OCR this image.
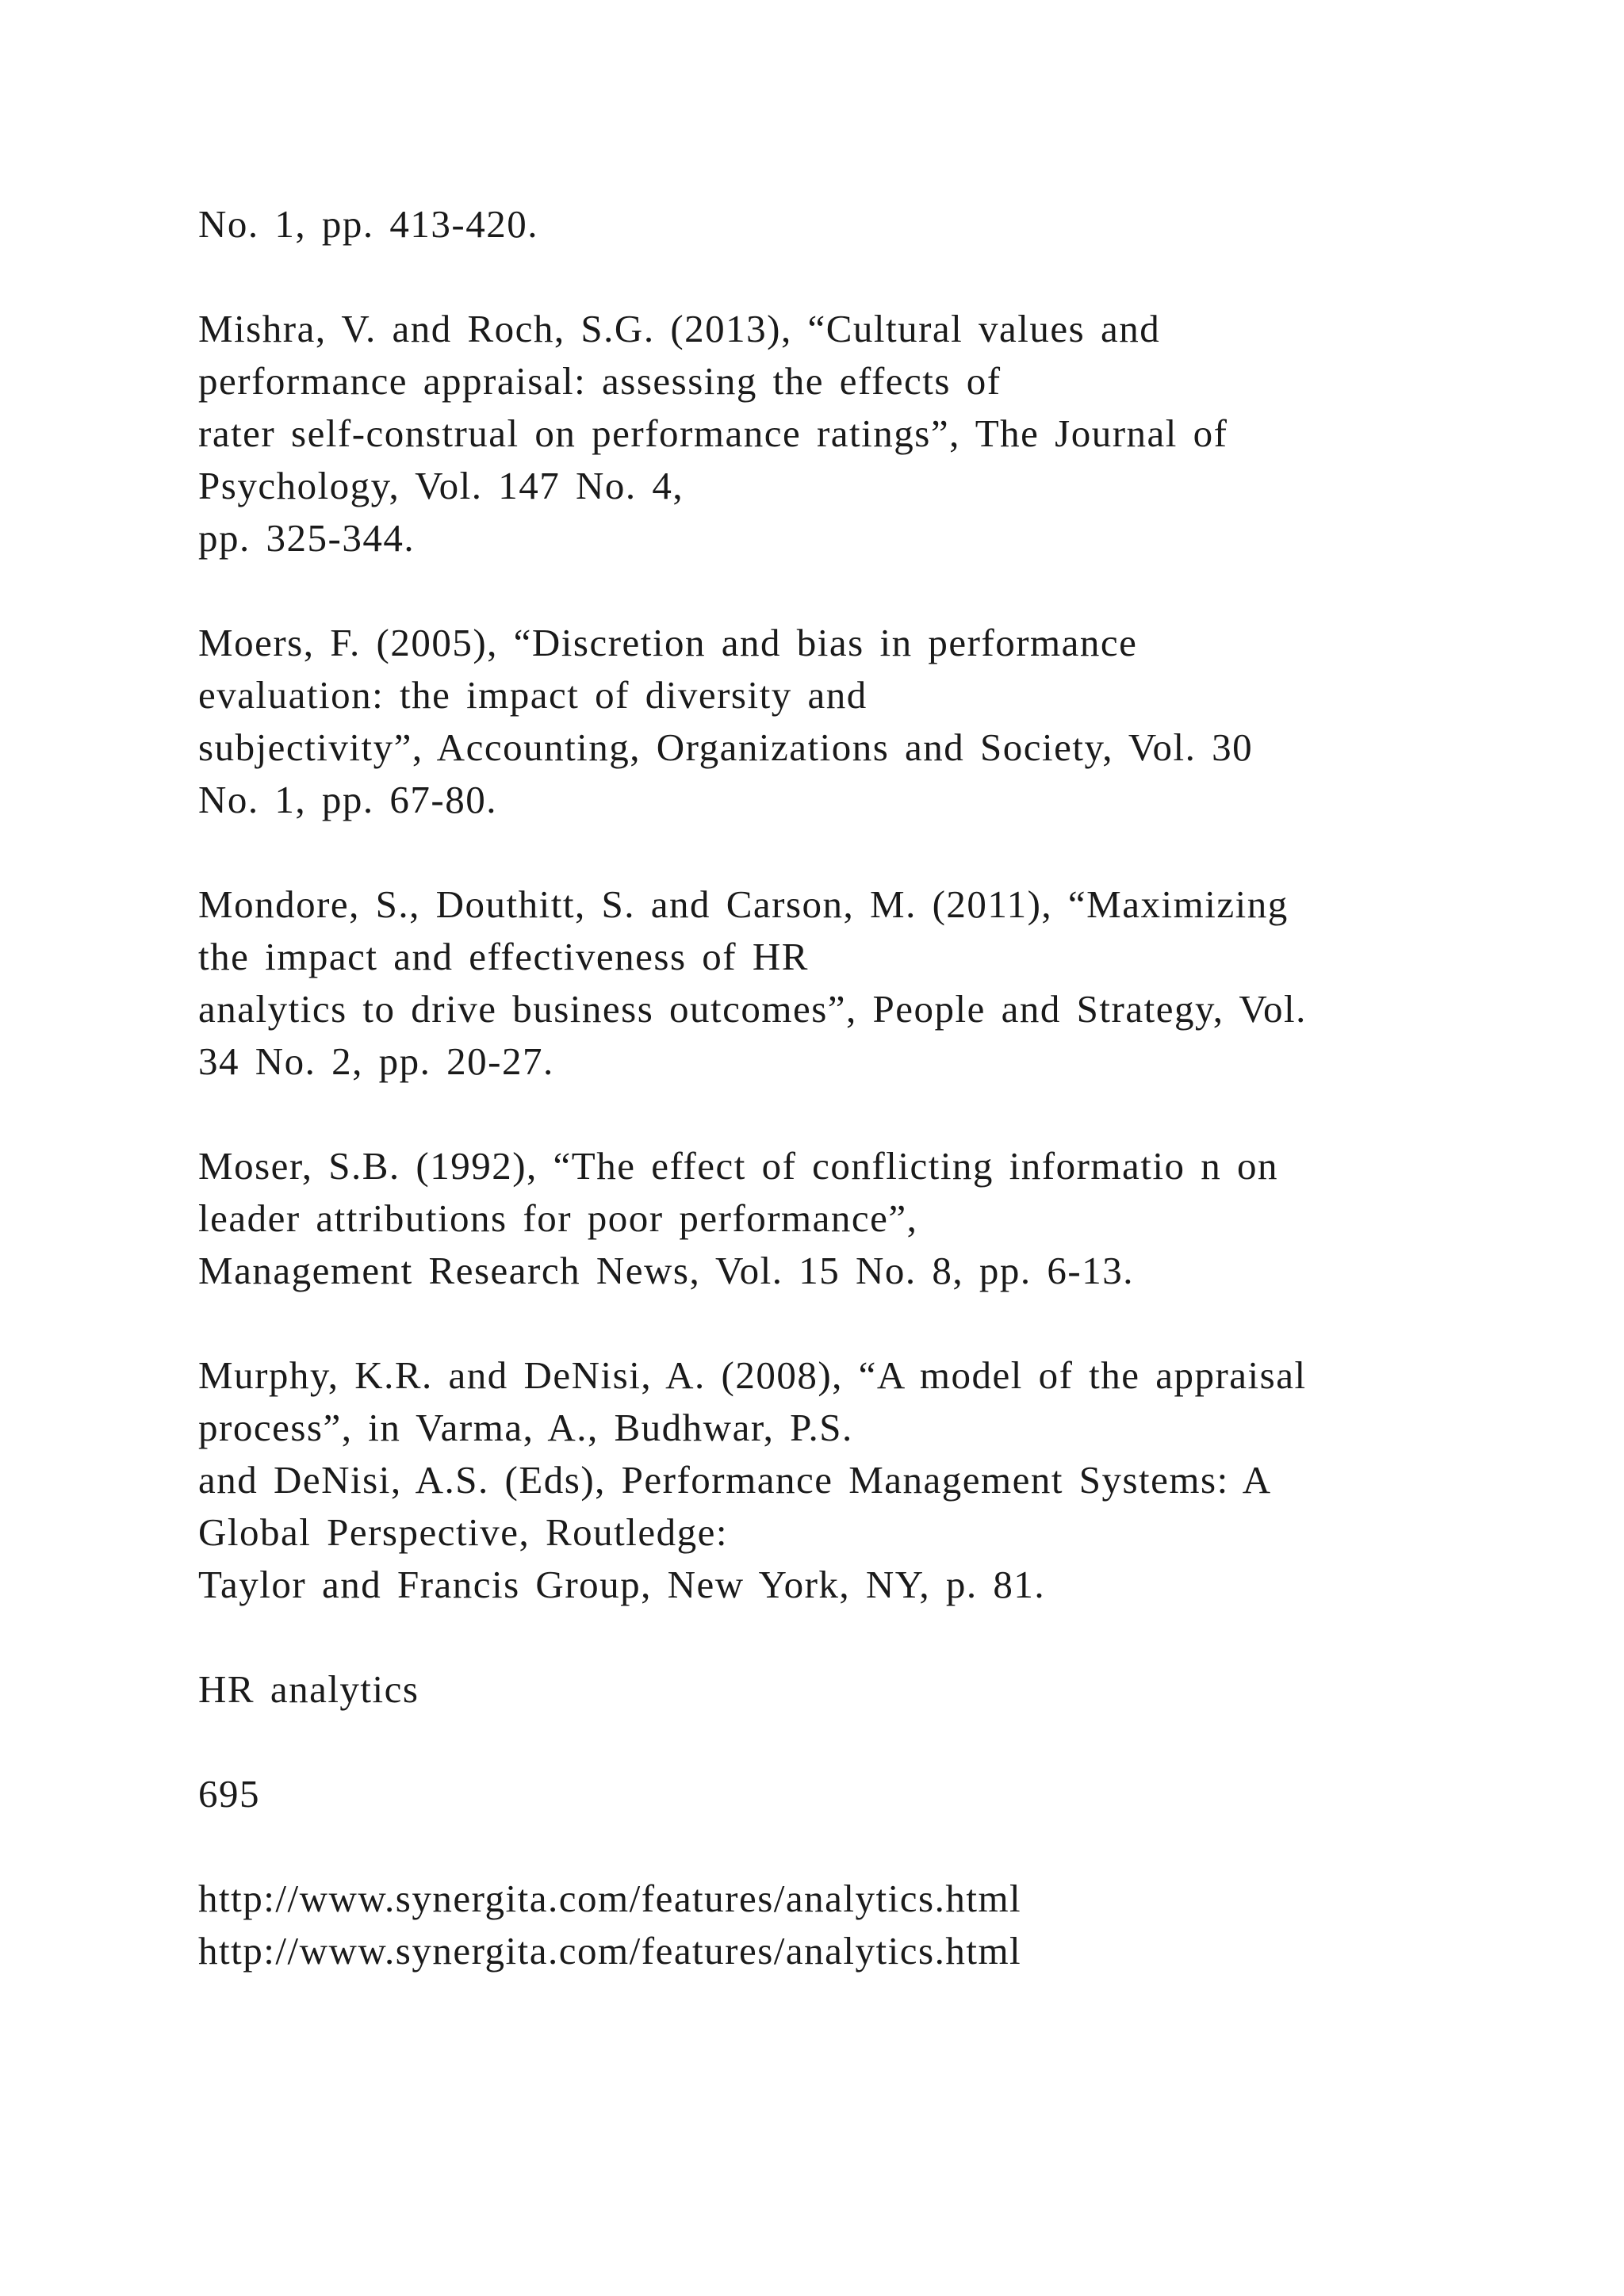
No. 1, pp. 413-420.
Mishra, V. and Roch, S.G. (2013), “Cultural values and
performance appraisal: assessing the effects of
rater self-construal on performance ratings”, The Journal of
Psychology, Vol. 147 No. 4,
pp. 325-344.
Moers, F. (2005), “Discretion and bias in performance
evaluation: the impact of diversity and
subjectivity”, Accounting, Organizations and Society, Vol. 30
No. 1, pp. 67-80.
Mondore, S., Douthitt, S. and Carson, M. (2011), “Maximizing
the impact and effectiveness of HR
analytics to drive business outcomes”, People and Strategy, Vol.
34 No. 2, pp. 20-27.
Moser, S.B. (1992), “The effect of conflicting informatio n on
leader attributions for poor performance”,
Management Research News, Vol. 15 No. 8, pp. 6-13.
Murphy, K.R. and DeNisi, A. (2008), “A model of the appraisal
process”, in Varma, A., Budhwar, P.S.
and DeNisi, A.S. (Eds), Performance Management Systems: A
Global Perspective, Routledge:
Taylor and Francis Group, New York, NY, p. 81.
HR analytics
695
http://www.synergita.com/features/analytics.html
http://www.synergita.com/features/analytics.html
